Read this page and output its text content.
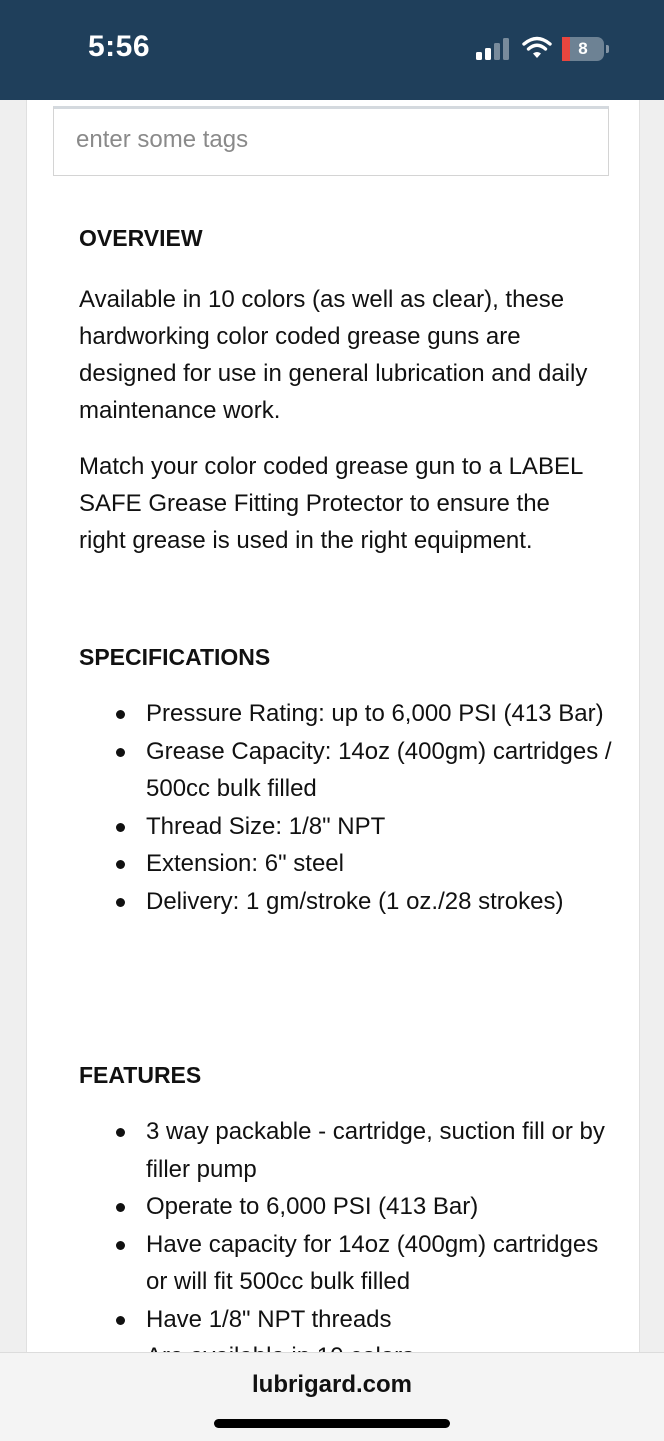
5:56	8
enter some tags
OVERVIEW
Available in 10 colors (as well as clear), these hardworking color coded grease guns are designed for use in general lubrication and daily maintenance work.
Match your color coded grease gun to a LABEL SAFE Grease Fitting Protector to ensure the right grease is used in the right equipment.
SPECIFICATIONS
Pressure Rating: up to 6,000 PSI (413 Bar)
Grease Capacity: 14oz (400gm) cartridges / 500cc bulk filled
Thread Size: 1/8" NPT
Extension: 6" steel
Delivery: 1 gm/stroke (1 oz./28 strokes)
FEATURES
3 way packable - cartridge, suction fill or by filler pump
Operate to 6,000 PSI (413 Bar)
Have capacity for 14oz (400gm) cartridges or will fit 500cc bulk filled
Have 1/8" NPT threads
lubrigard.com
